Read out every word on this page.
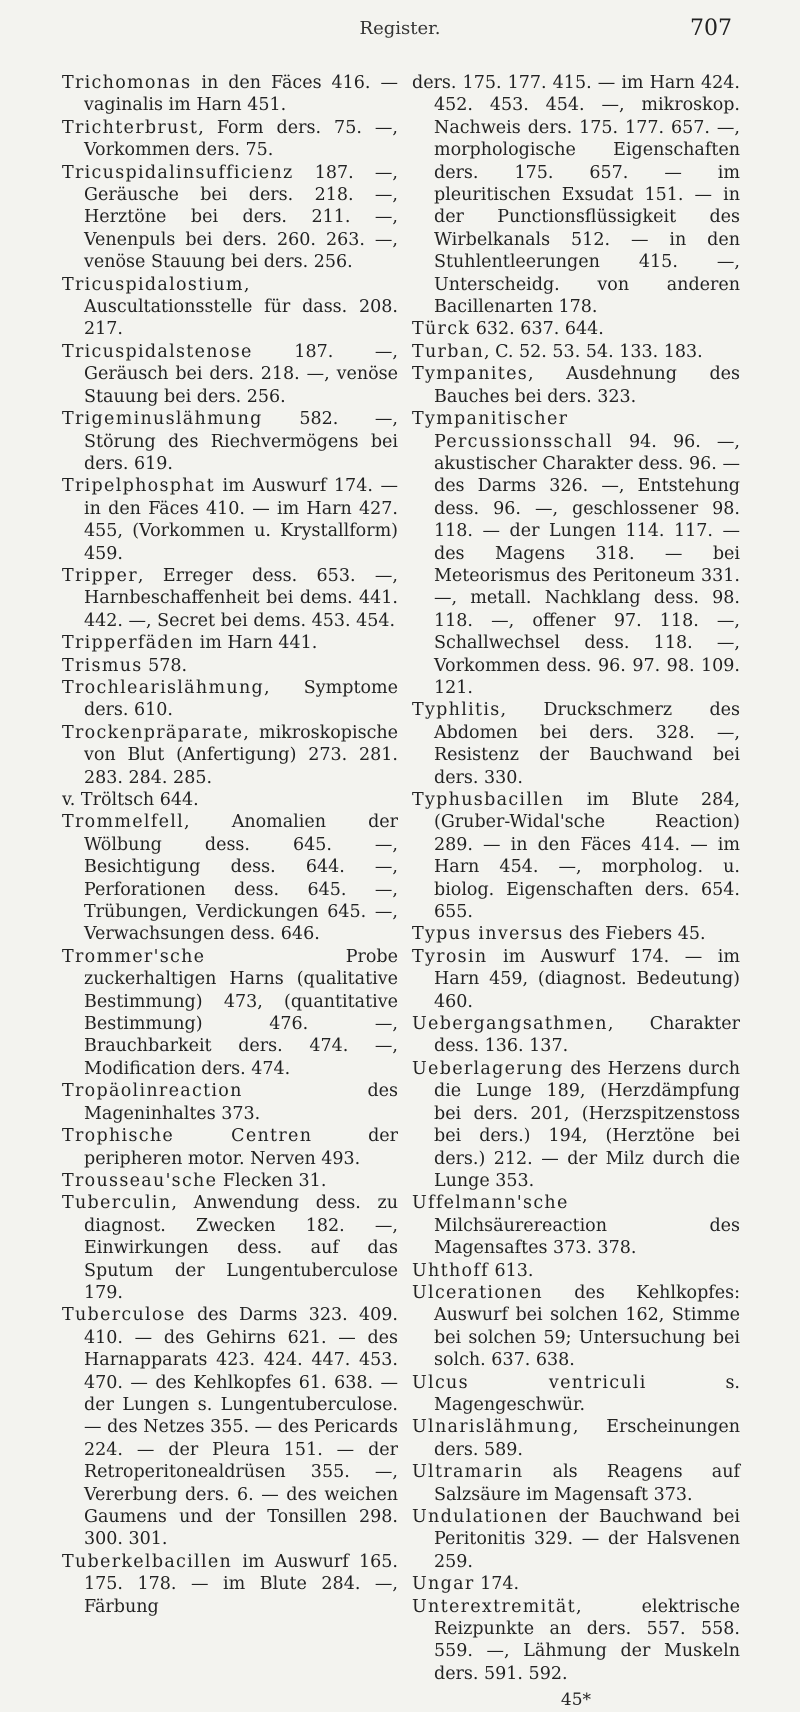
Register.	707

Trichomonas in den Fäces 416. — vaginalis im Harn 451.

Trichterbrust, Form ders. 75. —, Vorkommen ders. 75.

Tricuspidalinsufficienz 187. —, Geräusche bei ders. 218. —, Herztöne bei ders. 211. —, Venenpuls bei ders. 260. 263. —, venöse Stauung bei ders. 256.

Tricuspidalostium, Auscultationsstelle für dass. 208. 217.

Tricuspidalstenose 187. —, Geräusch bei ders. 218. —, venöse Stauung bei ders. 256.

Trigeminuslähmung 582. —, Störung des Riechvermögens bei ders. 619.

Tripelphosphat im Auswurf 174. — in den Fäces 410. — im Harn 427. 455, (Vorkommen u. Krystallform) 459.

Tripper, Erreger dess. 653. —, Harnbeschaffenheit bei dems. 441. 442. —, Secret bei dems. 453. 454.

Tripperfäden im Harn 441.

Trismus 578.

Trochlearislähmung, Symptome ders. 610.

Trockenpräparate, mikroskopische von Blut (Anfertigung) 273. 281. 283. 284. 285.

v. Tröltsch 644.

Trommelfell, Anomalien der Wölbung dess. 645. —, Besichtigung dess. 644. —, Perforationen dess. 645. —, Trübungen, Verdickungen 645. —, Verwachsungen dess. 646.

Trommer'sche Probe zuckerhaltigen Harns (qualitative Bestimmung) 473, (quantitative Bestimmung) 476. —, Brauchbarkeit ders. 474. —, Modification ders. 474.

Tropäolinreaction des Mageninhaltes 373.

Trophische Centren der peripheren motor. Nerven 493.

Trousseau'sche Flecken 31.

Tuberculin, Anwendung dess. zu diagnost. Zwecken 182. —, Einwirkungen dess. auf das Sputum der Lungentuberculose 179.

Tuberculose des Darms 323. 409. 410. — des Gehirns 621. — des Harnapparats 423. 424. 447. 453. 470. — des Kehlkopfes 61. 638. — der Lungen s. Lungentuberculose. — des Netzes 355. — des Pericards 224. — der Pleura 151. — der Retroperitonealdrüsen 355. —, Vererbung ders. 6. — des weichen Gaumens und der Tonsillen 298. 300. 301.

Tuberkelbacillen im Auswurf 165. 175. 178. — im Blute 284. —, Färbung

ders. 175. 177. 415. — im Harn 424. 452. 453. 454. —, mikroskop. Nachweis ders. 175. 177. 657. —, morphologische Eigenschaften ders. 175. 657. — im pleuritischen Exsudat 151. — in der Punctionsflüssigkeit des Wirbelkanals 512. — in den Stuhlentleerungen 415. —, Unterscheidg. von anderen Bacillenarten 178.

Türck 632. 637. 644.

Turban, C. 52. 53. 54. 133. 183.

Tympanites, Ausdehnung des Bauches bei ders. 323.

Tympanitischer Percussionsschall 94. 96. —, akustischer Charakter dess. 96. — des Darms 326. —, Entstehung dess. 96. —, geschlossener 98. 118. — der Lungen 114. 117. — des Magens 318. — bei Meteorismus des Peritoneum 331. —, metall. Nachklang dess. 98. 118. —, offener 97. 118. —, Schallwechsel dess. 118. —, Vorkommen dess. 96. 97. 98. 109. 121.

Typhlitis, Druckschmerz des Abdomen bei ders. 328. —, Resistenz der Bauchwand bei ders. 330.

Typhusbacillen im Blute 284, (Gruber-Widal'sche Reaction) 289. — in den Fäces 414. — im Harn 454. —, morpholog. u. biolog. Eigenschaften ders. 654. 655.

Typus inversus des Fiebers 45.

Tyrosin im Auswurf 174. — im Harn 459, (diagnost. Bedeutung) 460.

Uebergangsathmen, Charakter dess. 136. 137.

Ueberlagerung des Herzens durch die Lunge 189, (Herzdämpfung bei ders. 201, (Herzspitzenstoss bei ders.) 194, (Herztöne bei ders.) 212. — der Milz durch die Lunge 353.

Uffelmann'sche Milchsäurereaction des Magensaftes 373. 378.

Uhthoff 613.

Ulcerationen des Kehlkopfes: Auswurf bei solchen 162, Stimme bei solchen 59; Untersuchung bei solch. 637. 638.

Ulcus ventriculi s. Magengeschwür.

Ulnarislähmung, Erscheinungen ders. 589.

Ultramarin als Reagens auf Salzsäure im Magensaft 373.

Undulationen der Bauchwand bei Peritonitis 329. — der Halsvenen 259.

Ungar 174.

Unterextremität, elektrische Reizpunkte an ders. 557. 558. 559. —, Lähmung der Muskeln ders. 591. 592.

45*
